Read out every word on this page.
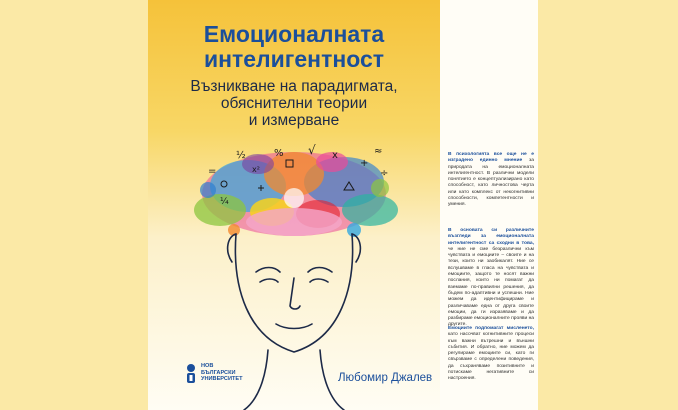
Емоционалната
интелигентност
Възникване на парадигмата,
обяснителни теории
и измерване
½	% √ x
÷
=
+
≈
¼
x²
НОВ
БЪЛГАРСКИ
УНИВЕРСИТЕТ	Любомир Джалев

В психологията все още не е изградено единно мнение за природата на емоционалната интелигентност. В различни модели понятието е концептуализирано като способност, като личностова черта или като комплекс от некогнитивни способности, компетентности и умения.

В основата си различните възгледи за емоционалната интелигентност са сходни в това, че ние не сме безразлични към чувствата и емоциите – своите и на тези, които ни заобикалят. Ние се вслушваме в гласа на чувствата и емоциите, защото те носят важни послания, които ни помагат да вземаме по-правилни решения, да бъдем по-адаптивни и успешни. Ние можем да идентифицираме и различаваме една от друга своите емоции, да ги изразяваме и да разбираме емоционалните прояви на другите.

Емоциите подпомагат мисленето, като насочват когнитивните процеси към важни вътрешни и външни събития. И обратно, ние можем да регулираме емоциите си, като ги свързваме с определени поведения, да съхраняваме позитивните и потискаме негативните си настроения.
